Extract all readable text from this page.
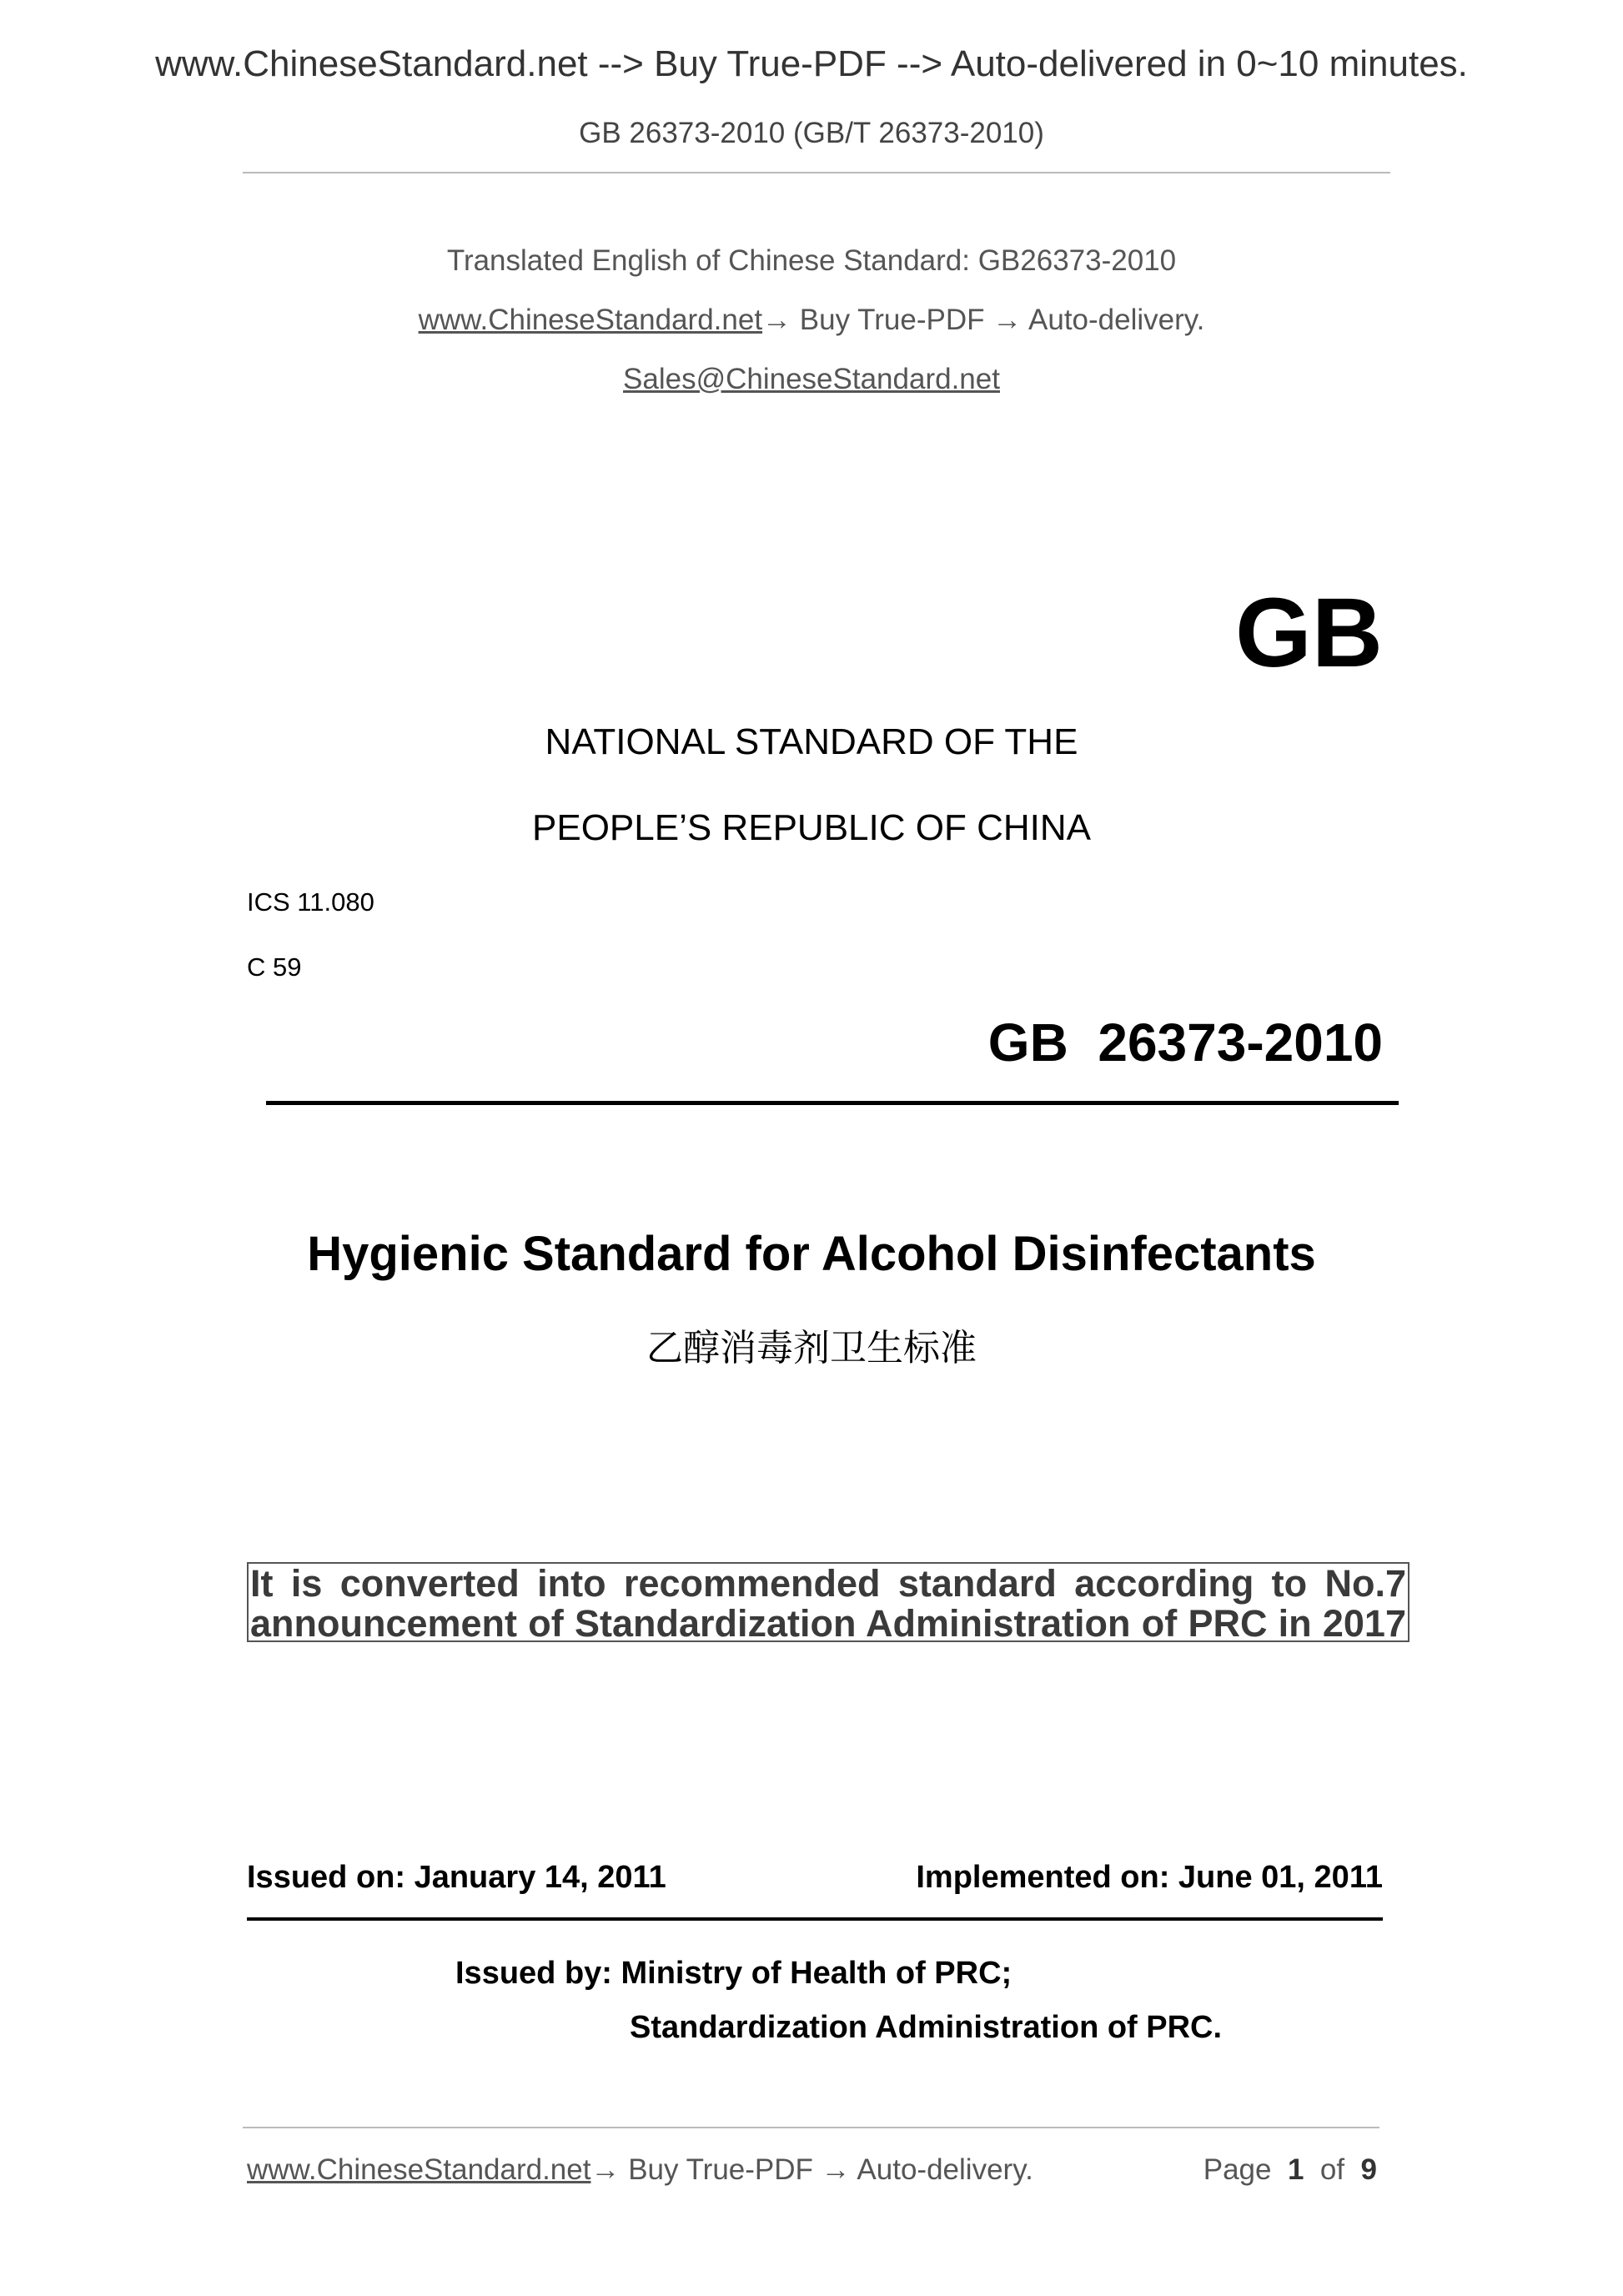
www.ChineseStandard.net --> Buy True-PDF --> Auto-delivered in 0~10 minutes.
GB 26373-2010 (GB/T 26373-2010)
Translated English of Chinese Standard: GB26373-2010
www.ChineseStandard.net→ Buy True-PDF → Auto-delivery.
Sales@ChineseStandard.net
GB
NATIONAL STANDARD OF THE
PEOPLE’S REPUBLIC OF CHINA
ICS 11.080
C 59
GB  26373-2010
Hygienic Standard for Alcohol Disinfectants
乙醇消毒剂卫生标准
It is converted into recommended standard according to No.7
announcement of Standardization Administration of PRC in 2017
Issued on: January 14, 2011	Implemented on: June 01, 2011
Issued by: Ministry of Health of PRC;
Standardization Administration of PRC.
www.ChineseStandard.net→ Buy True-PDF → Auto-delivery.	Page 1 of 9
